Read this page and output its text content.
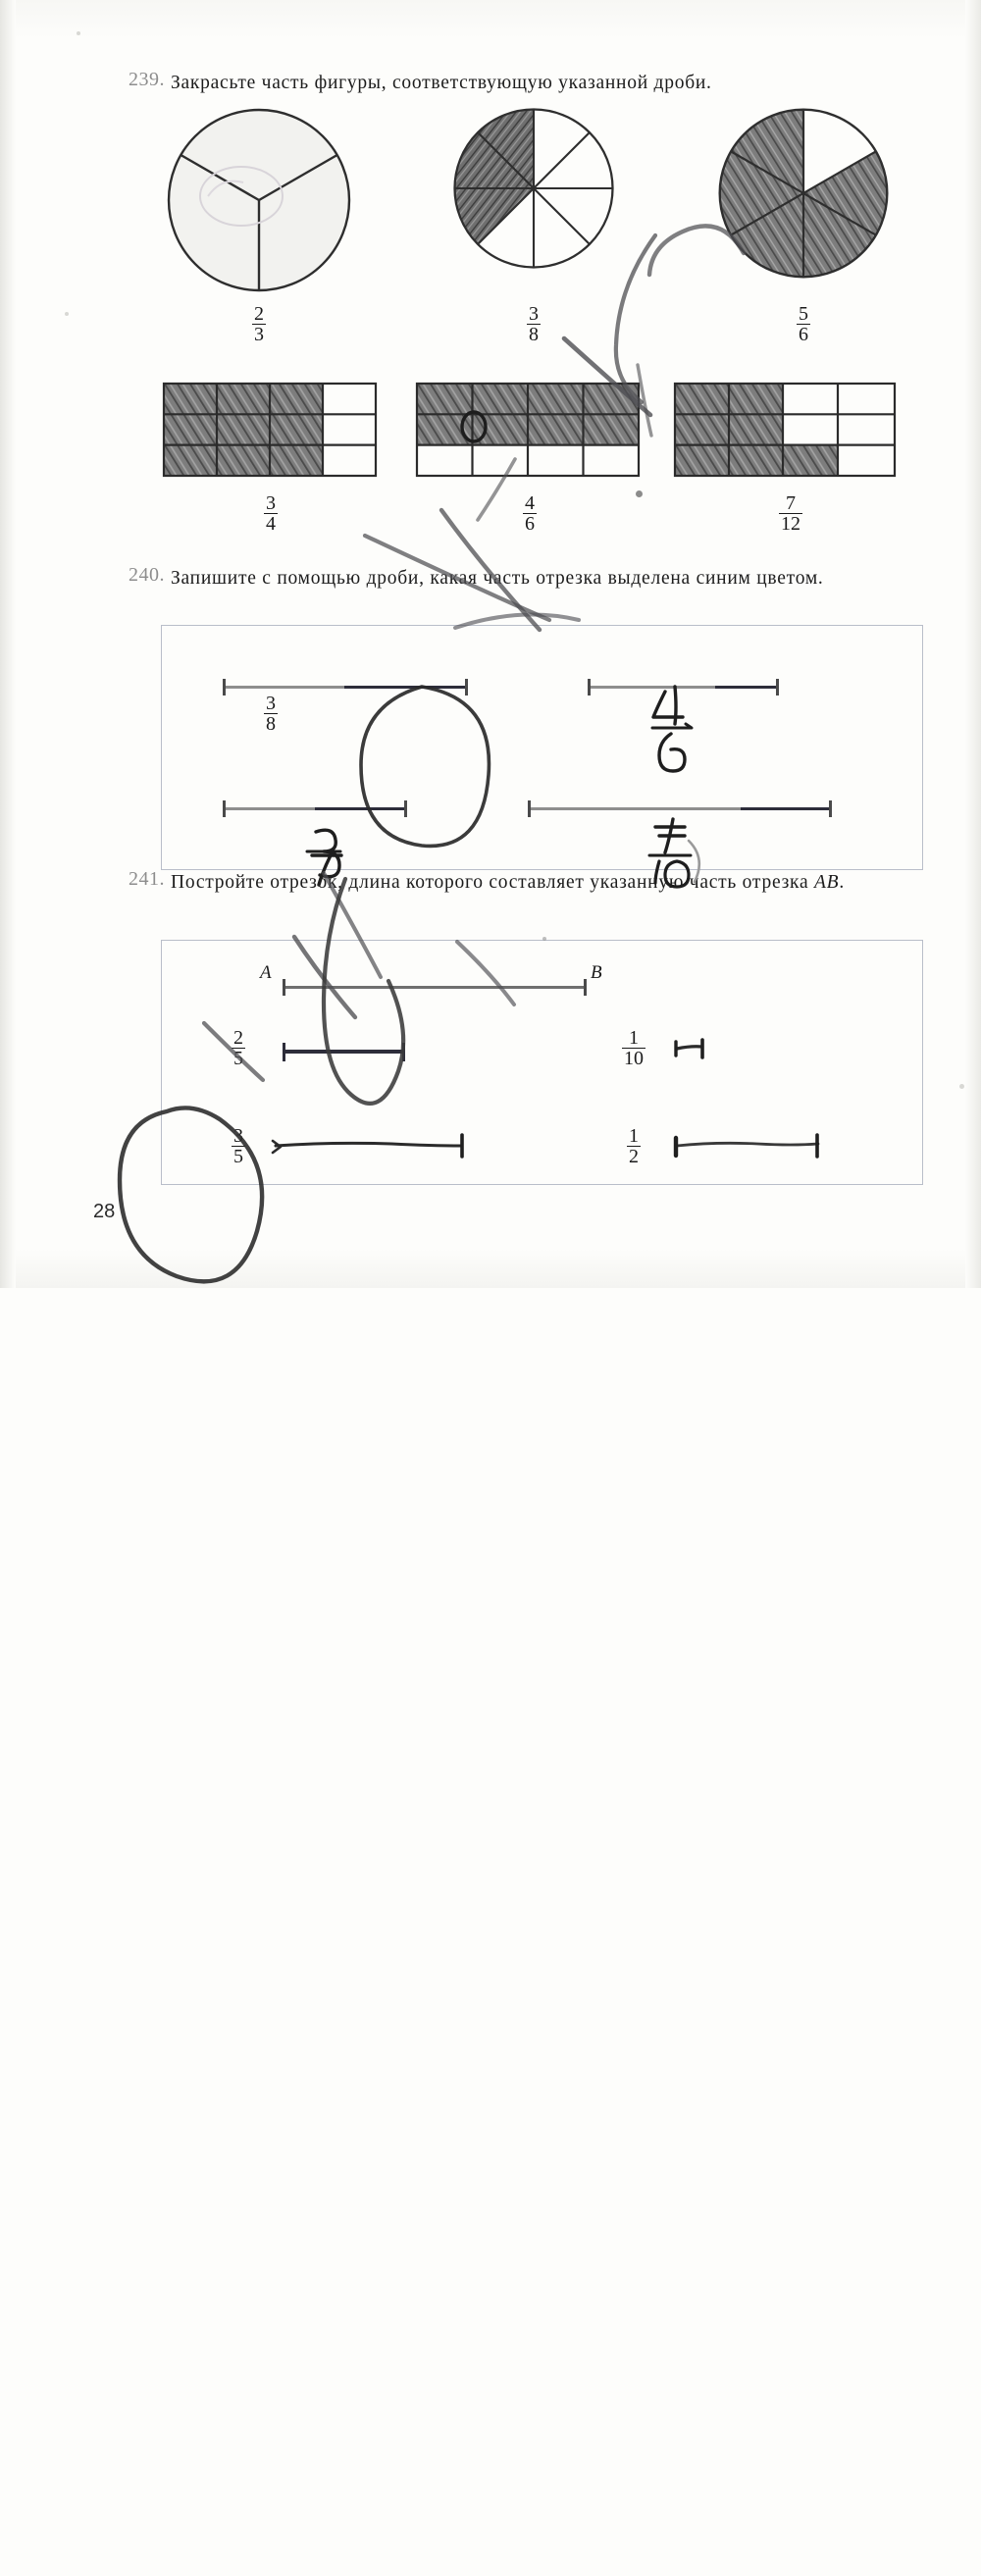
239. Закрасьте часть фигуры, соответствующую указанной дроби.
$\frac{2}{3}$	$\frac{3}{8}$	$\frac{5}{6}$
$\frac{3}{4}$	$\frac{4}{6}$	$\frac{7}{12}$
240. Запишите с помощью дроби, какая часть отрезка выделена синим цветом.
$\frac{3}{8}$
241. Постройте отрезок, длина которого составляет указанную часть отрезка AB.
A	B
$\frac{2}{5}$	$\frac{1}{10}$
$\frac{3}{5}$	$\frac{1}{2}$
28
